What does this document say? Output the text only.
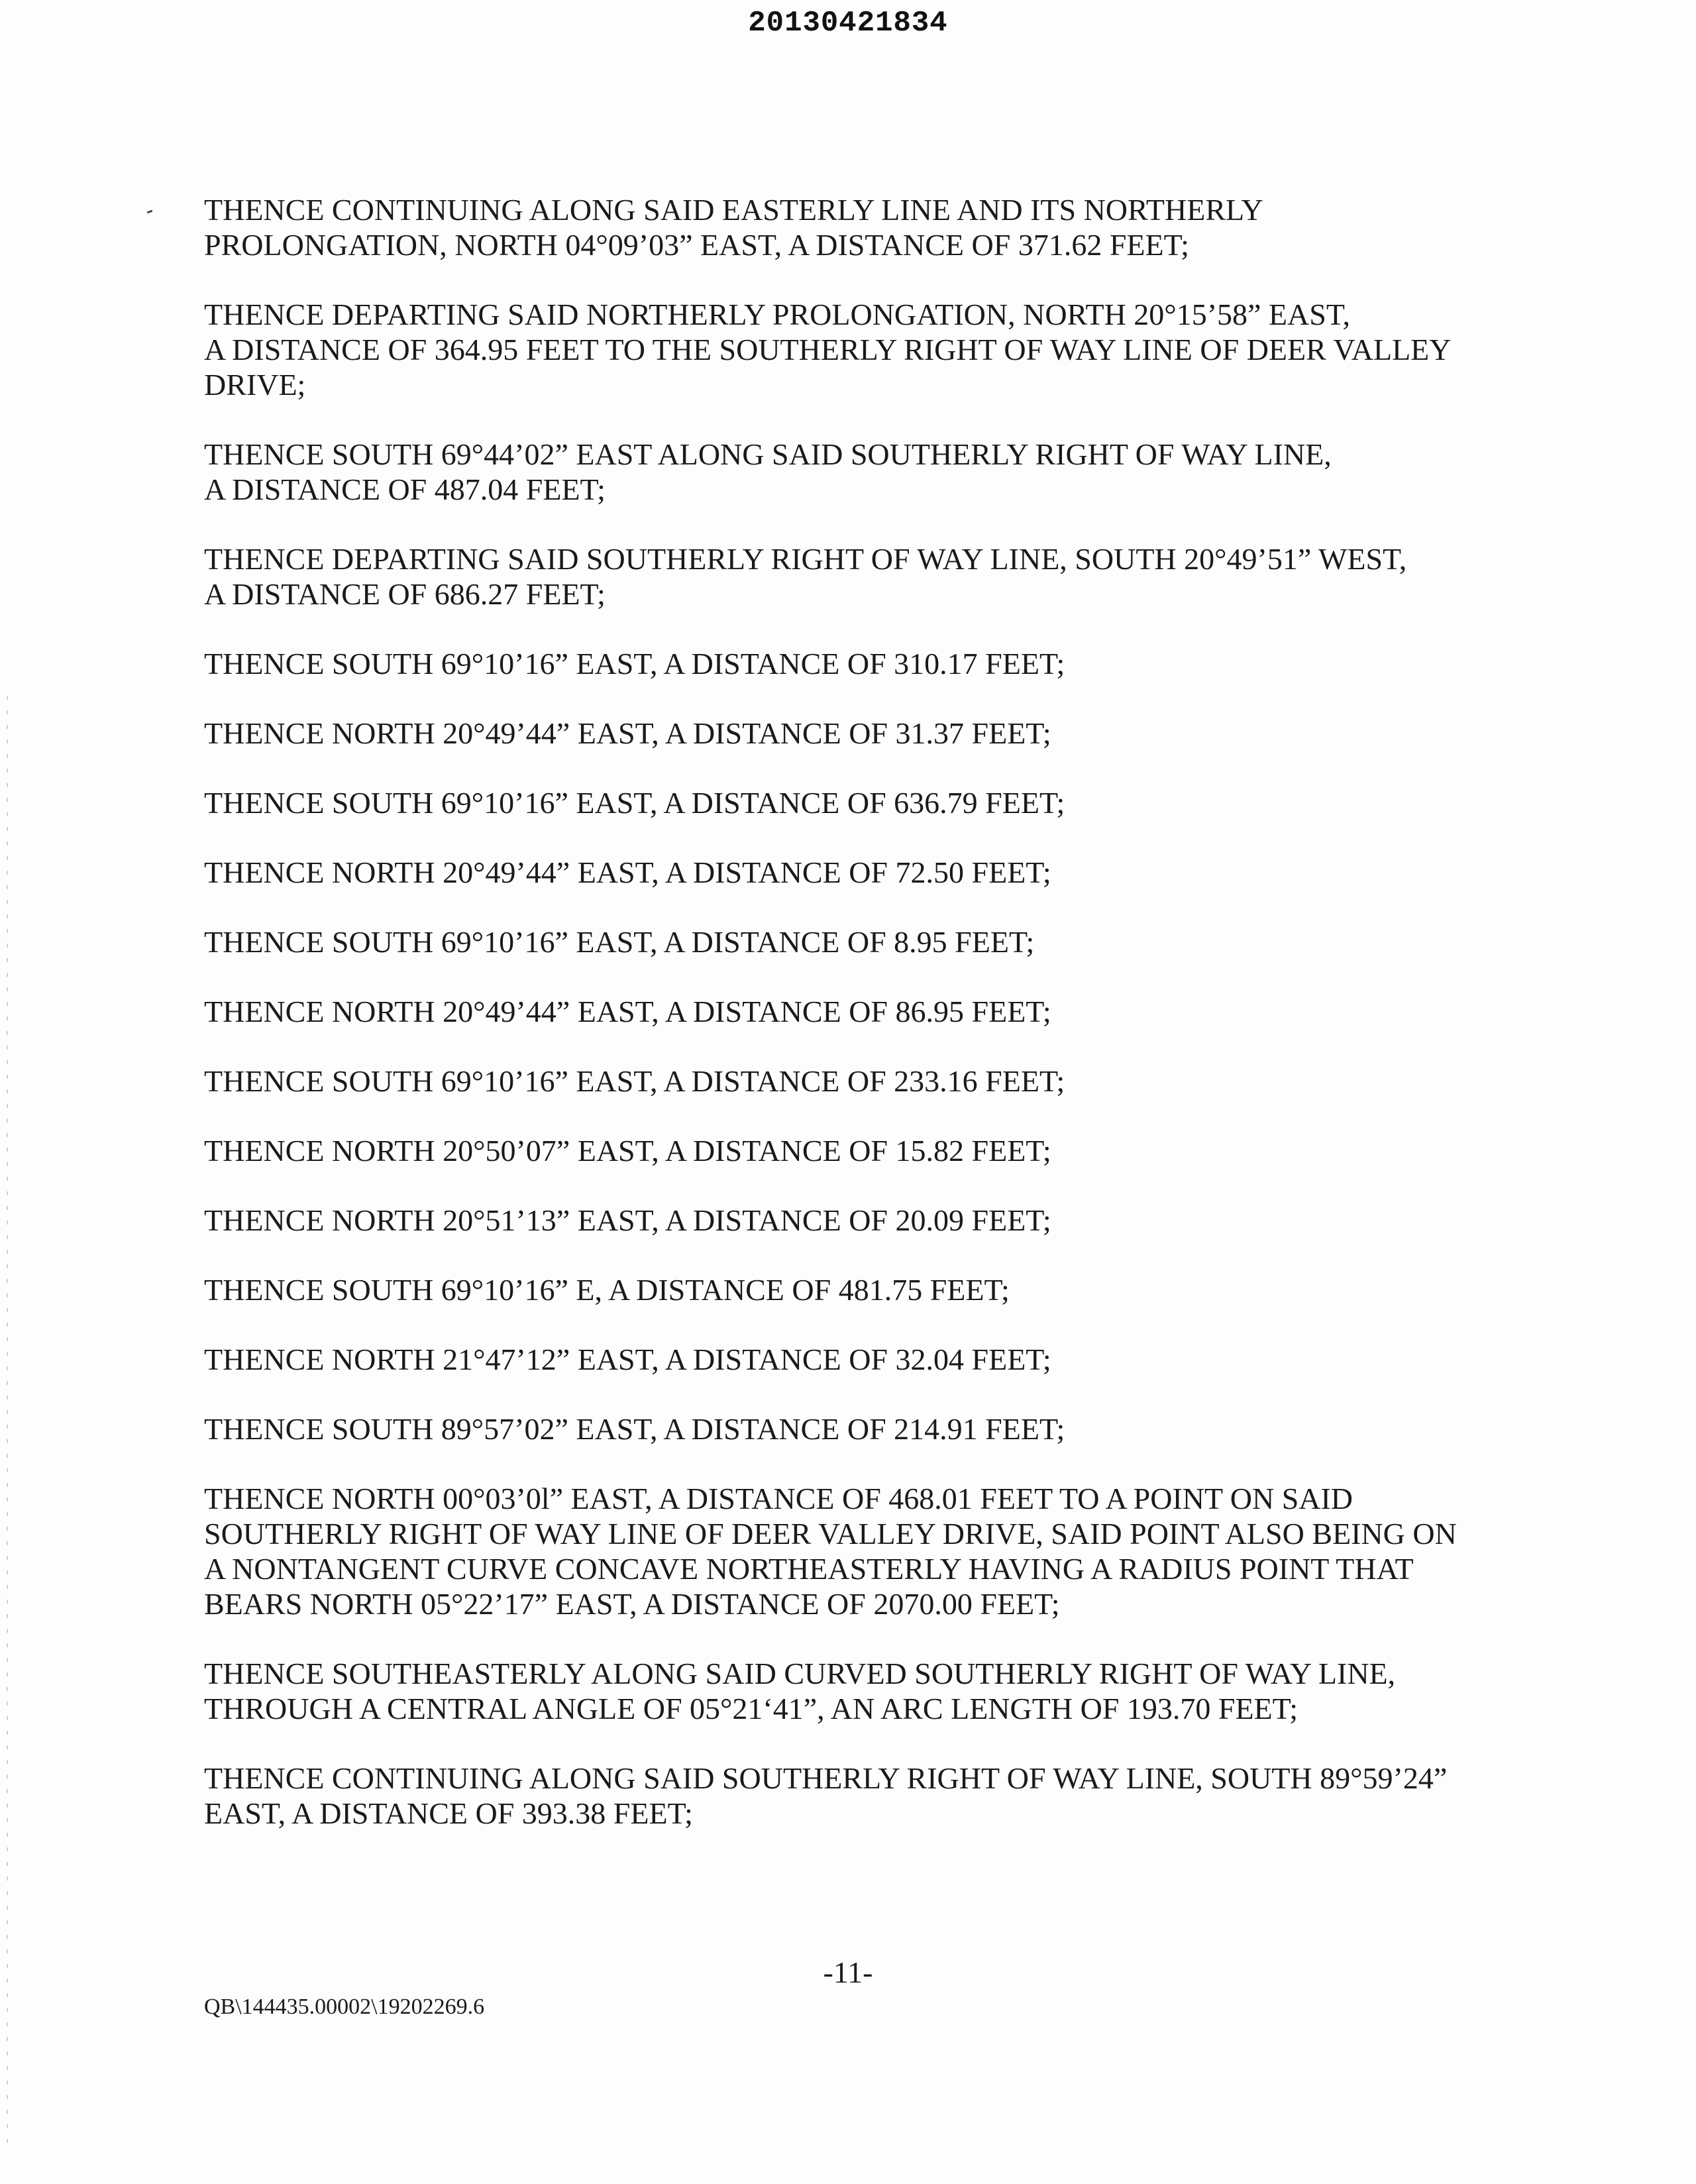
20130421834

THENCE CONTINUING ALONG SAID EASTERLY LINE AND ITS NORTHERLY
PROLONGATION, NORTH 04°09’03” EAST, A DISTANCE OF 371.62 FEET;

THENCE DEPARTING SAID NORTHERLY PROLONGATION, NORTH 20°15’58” EAST,
A DISTANCE OF 364.95 FEET TO THE SOUTHERLY RIGHT OF WAY LINE OF DEER VALLEY
DRIVE;

THENCE SOUTH 69°44’02” EAST ALONG SAID SOUTHERLY RIGHT OF WAY LINE,
A DISTANCE OF 487.04 FEET;

THENCE DEPARTING SAID SOUTHERLY RIGHT OF WAY LINE, SOUTH 20°49’51” WEST,
A DISTANCE OF 686.27 FEET;

THENCE SOUTH 69°10’16” EAST, A DISTANCE OF 310.17 FEET;

THENCE NORTH 20°49’44” EAST, A DISTANCE OF 31.37 FEET;

THENCE SOUTH 69°10’16” EAST, A DISTANCE OF 636.79 FEET;

THENCE NORTH 20°49’44” EAST, A DISTANCE OF 72.50 FEET;

THENCE SOUTH 69°10’16” EAST, A DISTANCE OF 8.95 FEET;

THENCE NORTH 20°49’44” EAST, A DISTANCE OF 86.95 FEET;

THENCE SOUTH 69°10’16” EAST, A DISTANCE OF 233.16 FEET;

THENCE NORTH 20°50’07” EAST, A DISTANCE OF 15.82 FEET;

THENCE NORTH 20°51’13” EAST, A DISTANCE OF 20.09 FEET;

THENCE SOUTH 69°10’16” E, A DISTANCE OF 481.75 FEET;

THENCE NORTH 21°47’12” EAST, A DISTANCE OF 32.04 FEET;

THENCE SOUTH 89°57’02” EAST, A DISTANCE OF 214.91 FEET;

THENCE NORTH 00°03’0l” EAST, A DISTANCE OF 468.01 FEET TO A POINT ON SAID
SOUTHERLY RIGHT OF WAY LINE OF DEER VALLEY DRIVE, SAID POINT ALSO BEING ON
A NONTANGENT CURVE CONCAVE NORTHEASTERLY HAVING A RADIUS POINT THAT
BEARS NORTH 05°22’17” EAST, A DISTANCE OF 2070.00 FEET;

THENCE SOUTHEASTERLY ALONG SAID CURVED SOUTHERLY RIGHT OF WAY LINE,
THROUGH A CENTRAL ANGLE OF 05°21‘41”, AN ARC LENGTH OF 193.70 FEET;

THENCE CONTINUING ALONG SAID SOUTHERLY RIGHT OF WAY LINE, SOUTH 89°59’24”
EAST, A DISTANCE OF 393.38 FEET;

-11-
QB\144435.00002\19202269.6
